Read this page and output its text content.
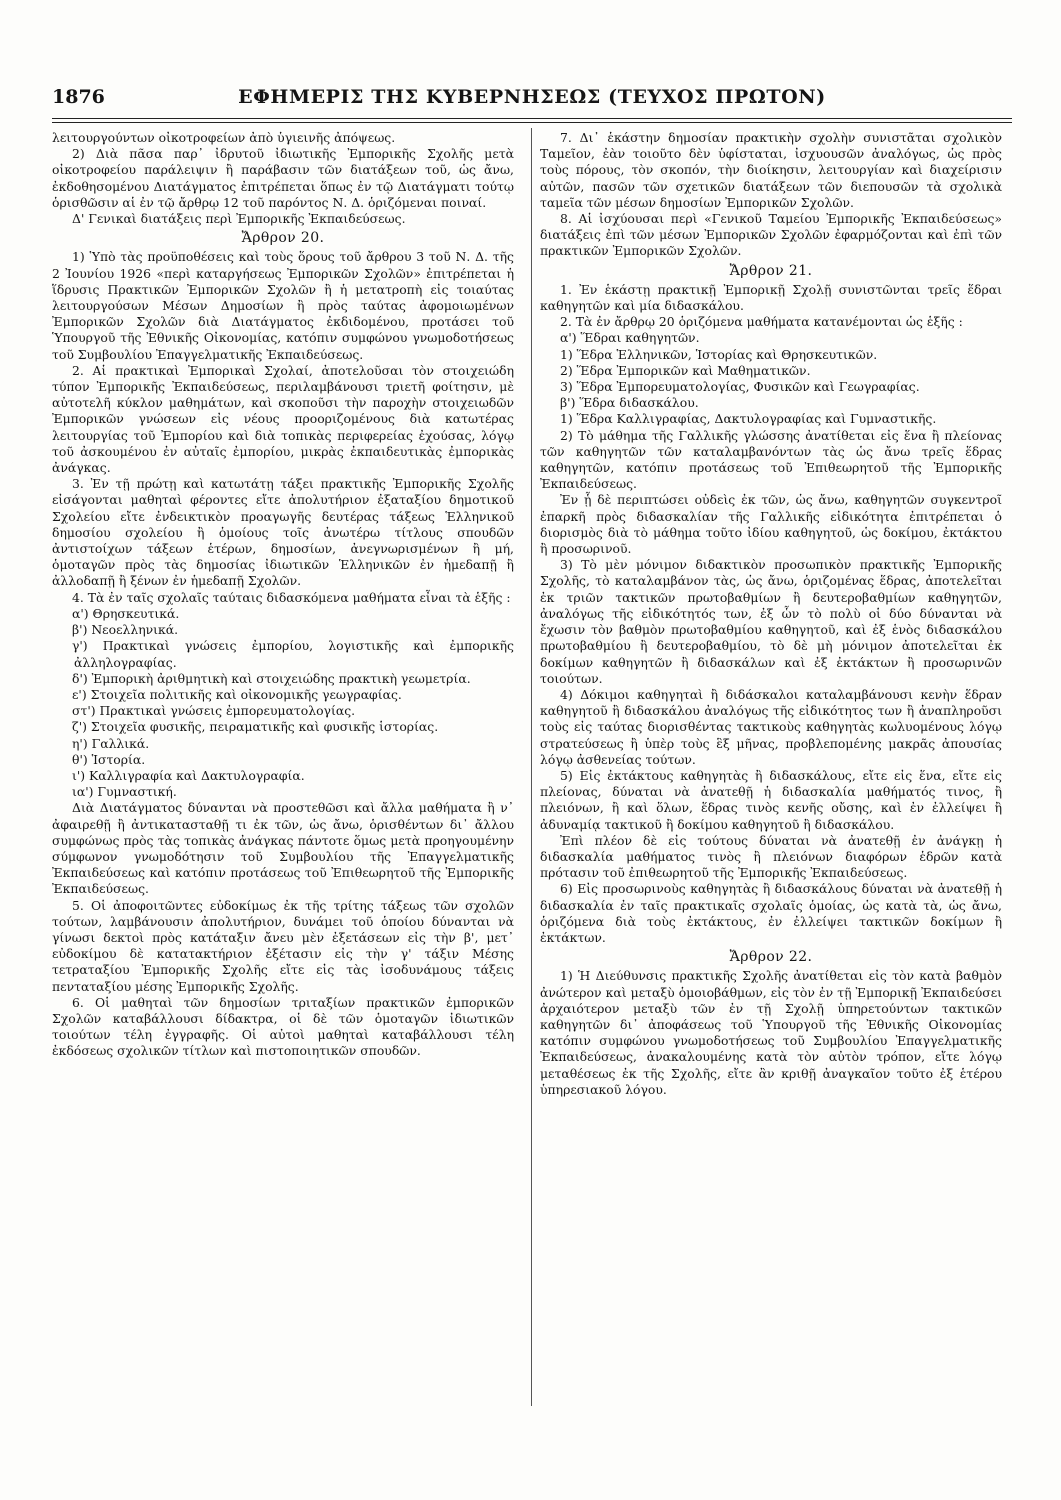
1876	ΕΦΗΜΕΡΙΣ ΤΗΣ ΚΥΒΕΡΝΗΣΕΩΣ (ΤΕΥΧΟΣ ΠΡΩΤΟΝ)

λειτουργούντων οἰκοτροφείων ἀπὸ ὑγιεινῆς ἀπόψεως.

2) Διὰ πᾶσα παρ᾽ ἰδρυτοῦ ἰδιωτικῆς Ἐμπορικῆς Σχολῆς μετὰ οἰκοτροφείου παράλειψιν ἢ παράβασιν τῶν διατάξεων τοῦ, ὡς ἄνω, ἐκδοθησομένου Διατάγματος ἐπιτρέπεται ὅπως ἐν τῷ Διατάγματι τούτῳ ὁρισθῶσιν αἱ ἐν τῷ ἄρθρῳ 12 τοῦ παρόντος Ν. Δ. ὁριζόμεναι ποιναί.

Δ' Γενικαὶ διατάξεις περὶ Ἐμπορικῆς Ἐκπαιδεύσεως.
Ἄρθρον 20.

1) Ὑπὸ τὰς προϋποθέσεις καὶ τοὺς ὅρους τοῦ ἄρθρου 3 τοῦ Ν. Δ. τῆς 2 Ἰουνίου 1926 «περὶ καταργήσεως Ἐμπορικῶν Σχολῶν» ἐπιτρέπεται ἡ ἵδρυσις Πρακτικῶν Ἐμπορικῶν Σχολῶν ἢ ἡ μετατροπὴ εἰς τοιαύτας λειτουργούσων Μέσων Δημοσίων ἢ πρὸς ταύτας ἀφομοιωμένων Ἐμπορικῶν Σχολῶν διὰ Διατάγματος ἐκδιδομένου, προτάσει τοῦ Ὑπουργοῦ τῆς Ἐθνικῆς Οἰκονομίας, κατόπιν συμφώνου γνωμοδοτήσεως τοῦ Συμβουλίου Ἐπαγγελματικῆς Ἐκπαιδεύσεως.

2. Αἱ πρακτικαὶ Ἐμπορικαὶ Σχολαί, ἀποτελοῦσαι τὸν στοιχειώδη τύπον Ἐμπορικῆς Ἐκπαιδεύσεως, περιλαμβάνουσι τριετῆ φοίτησιν, μὲ αὐτοτελῆ κύκλον μαθημάτων, καὶ σκοποῦσι τὴν παροχὴν στοιχειωδῶν Ἐμπορικῶν γνώσεων εἰς νέους προοριζομένους διὰ κατωτέρας λειτουργίας τοῦ Ἐμπορίου καὶ διὰ τοπικὰς περιφερείας ἐχούσας, λόγῳ τοῦ ἀσκουμένου ἐν αὐταῖς ἐμπορίου, μικρὰς ἐκπαιδευτικὰς ἐμπορικὰς ἀνάγκας.

3. Ἐν τῇ πρώτῃ καὶ κατωτάτῃ τάξει πρακτικῆς Ἐμπορικῆς Σχολῆς εἰσάγονται μαθηταὶ φέροντες εἴτε ἀπολυτήριον ἐξαταξίου δημοτικοῦ Σχολείου εἴτε ἐνδεικτικὸν προαγωγῆς δευτέρας τάξεως Ἑλληνικοῦ δημοσίου σχολείου ἢ ὁμοίους τοῖς ἀνωτέρω τίτλους σπουδῶν ἀντιστοίχων τάξεων ἑτέρων, δημοσίων, ἀνεγνωρισμένων ἢ μή, ὁμοταγῶν πρὸς τὰς δημοσίας ἰδιωτικῶν Ἑλληνικῶν ἐν ἡμεδαπῇ ἢ ἀλλοδαπῇ ἢ ξένων ἐν ἡμεδαπῇ Σχολῶν.

4. Τὰ ἐν ταῖς σχολαῖς ταύταις διδασκόμενα μαθήματα εἶναι τὰ ἑξῆς :

α') Θρησκευτικά.

β') Νεοελληνικά.

γ') Πρακτικαὶ γνώσεις ἐμπορίου, λογιστικῆς καὶ ἐμπορικῆς ἀλληλογραφίας.

δ') Ἐμπορικὴ ἀριθμητικὴ καὶ στοιχειώδης πρακτικὴ γεωμετρία.

ε') Στοιχεῖα πολιτικῆς καὶ οἰκονομικῆς γεωγραφίας.

στ') Πρακτικαὶ γνώσεις ἐμπορευματολογίας.

ζ') Στοιχεῖα φυσικῆς, πειραματικῆς καὶ φυσικῆς ἱστορίας.

η') Γαλλικά.

θ') Ἱστορία.

ι') Καλλιγραφία καὶ Δακτυλογραφία.

ια') Γυμναστική.

Διὰ Διατάγματος δύνανται νὰ προστεθῶσι καὶ ἄλλα μαθήματα ἢ ν᾽ ἀφαιρεθῇ ἢ ἀντικατασταθῇ τι ἐκ τῶν, ὡς ἄνω, ὁρισθέντων δι᾽ ἄλλου συμφώνως πρὸς τὰς τοπικὰς ἀνάγκας πάντοτε ὅμως μετὰ προηγουμένην σύμφωνον γνωμοδότησιν τοῦ Συμβουλίου τῆς Ἐπαγγελματικῆς Ἐκπαιδεύσεως καὶ κατόπιν προτάσεως τοῦ Ἐπιθεωρητοῦ τῆς Ἐμπορικῆς Ἐκπαιδεύσεως.

5. Οἱ ἀποφοιτῶντες εὐδοκίμως ἐκ τῆς τρίτης τάξεως τῶν σχολῶν τούτων, λαμβάνουσιν ἀπολυτήριον, δυνάμει τοῦ ὁποίου δύνανται νὰ γίνωσι δεκτοὶ πρὸς κατάταξιν ἄνευ μὲν ἐξετάσεων εἰς τὴν β', μετ᾽ εὐδοκίμου δὲ κατατακτήριον ἐξέτασιν εἰς τὴν γ' τάξιν Μέσης τετραταξίου Ἐμπορικῆς Σχολῆς εἴτε εἰς τὰς ἰσοδυνάμους τάξεις πενταταξίου μέσης Ἐμπορικῆς Σχολῆς.

6. Οἱ μαθηταὶ τῶν δημοσίων τριταξίων πρακτικῶν ἐμπορικῶν Σχολῶν καταβάλλουσι δίδακτρα, οἱ δὲ τῶν ὁμοταγῶν ἰδιωτικῶν τοιούτων τέλη ἐγγραφῆς. Οἱ αὐτοὶ μαθηταὶ καταβάλλουσι τέλη ἐκδόσεως σχολικῶν τίτλων καὶ πιστοποιητικῶν σπουδῶν.

7. Δι᾽ ἑκάστην δημοσίαν πρακτικὴν σχολὴν συνιστᾶται σχολικὸν Ταμεῖον, ἐὰν τοιοῦτο δὲν ὑφίσταται, ἰσχυουσῶν ἀναλόγως, ὡς πρὸς τοὺς πόρους, τὸν σκοπόν, τὴν διοίκησιν, λειτουργίαν καὶ διαχείρισιν αὐτῶν, πασῶν τῶν σχετικῶν διατάξεων τῶν διεπουσῶν τὰ σχολικὰ ταμεῖα τῶν μέσων δημοσίων Ἐμπορικῶν Σχολῶν.

8. Αἱ ἰσχύουσαι περὶ «Γενικοῦ Ταμείου Ἐμπορικῆς Ἐκπαιδεύσεως» διατάξεις ἐπὶ τῶν μέσων Ἐμπορικῶν Σχολῶν ἐφαρμόζονται καὶ ἐπὶ τῶν πρακτικῶν Ἐμπορικῶν Σχολῶν.

Ἄρθρον 21.

1. Ἐν ἑκάστῃ πρακτικῇ Ἐμπορικῇ Σχολῇ συνιστῶνται τρεῖς ἕδραι καθηγητῶν καὶ μία διδασκάλου.

2. Τὰ ἐν ἄρθρῳ 20 ὁριζόμενα μαθήματα κατανέμονται ὡς ἑξῆς :

α') Ἕδραι καθηγητῶν.

1) Ἕδρα Ἑλληνικῶν, Ἱστορίας καὶ Θρησκευτικῶν.

2) Ἕδρα Ἐμπορικῶν καὶ Μαθηματικῶν.

3) Ἕδρα Ἐμπορευματολογίας, Φυσικῶν καὶ Γεωγραφίας.

β') Ἕδρα διδασκάλου.

1) Ἕδρα Καλλιγραφίας, Δακτυλογραφίας καὶ Γυμναστικῆς.

2) Τὸ μάθημα τῆς Γαλλικῆς γλώσσης ἀνατίθεται εἰς ἕνα ἢ πλείονας τῶν καθηγητῶν τῶν καταλαμβανόντων τὰς ὡς ἄνω τρεῖς ἕδρας καθηγητῶν, κατόπιν προτάσεως τοῦ Ἐπιθεωρητοῦ τῆς Ἐμπορικῆς Ἐκπαιδεύσεως.

Ἐν ᾗ δὲ περιπτώσει οὐδεὶς ἐκ τῶν, ὡς ἄνω, καθηγητῶν συγκεντροῖ ἐπαρκῆ πρὸς διδασκαλίαν τῆς Γαλλικῆς εἰδικότητα ἐπιτρέπεται ὁ διορισμὸς διὰ τὸ μάθημα τοῦτο ἰδίου καθηγητοῦ, ὡς δοκίμου, ἐκτάκτου ἢ προσωρινοῦ.

3) Τὸ μὲν μόνιμον διδακτικὸν προσωπικὸν πρακτικῆς Ἐμπορικῆς Σχολῆς, τὸ καταλαμβάνον τὰς, ὡς ἄνω, ὁριζομένας ἕδρας, ἀποτελεῖται ἐκ τριῶν τακτικῶν πρωτοβαθμίων ἢ δευτεροβαθμίων καθηγητῶν, ἀναλόγως τῆς εἰδικότητός των, ἐξ ὧν τὸ πολὺ οἱ δύο δύνανται νὰ ἔχωσιν τὸν βαθμὸν πρωτοβαθμίου καθηγητοῦ, καὶ ἐξ ἑνὸς διδασκάλου πρωτοβαθμίου ἢ δευτεροβαθμίου, τὸ δὲ μὴ μόνιμον ἀποτελεῖται ἐκ δοκίμων καθηγητῶν ἢ διδασκάλων καὶ ἐξ ἐκτάκτων ἢ προσωρινῶν τοιούτων.

4) Δόκιμοι καθηγηταὶ ἢ διδάσκαλοι καταλαμβάνουσι κενὴν ἕδραν καθηγητοῦ ἢ διδασκάλου ἀναλόγως τῆς εἰδικότητος των ἢ ἀναπληροῦσι τοὺς εἰς ταύτας διορισθέντας τακτικοὺς καθηγητὰς κωλυομένους λόγῳ στρατεύσεως ἢ ὑπὲρ τοὺς ἓξ μῆνας, προβλεπομένης μακρᾶς ἀπουσίας λόγῳ ἀσθενείας τούτων.

5) Εἰς ἐκτάκτους καθηγητὰς ἢ διδασκάλους, εἴτε εἰς ἕνα, εἴτε εἰς πλείονας, δύναται νὰ ἀνατεθῇ ἡ διδασκαλία μαθήματός τινος, ἢ πλειόνων, ἢ καὶ ὅλων, ἕδρας τινὸς κενῆς οὔσης, καὶ ἐν ἐλλείψει ἢ ἀδυναμίᾳ τακτικοῦ ἢ δοκίμου καθηγητοῦ ἢ διδασκάλου.

Ἐπὶ πλέον δὲ εἰς τούτους δύναται νὰ ἀνατεθῇ ἐν ἀνάγκῃ ἡ διδασκαλία μαθήματος τινὸς ἢ πλειόνων διαφόρων ἑδρῶν κατὰ πρότασιν τοῦ ἐπιθεωρητοῦ τῆς Ἐμπορικῆς Ἐκπαιδεύσεως.

6) Εἰς προσωρινοὺς καθηγητὰς ἢ διδασκάλους δύναται νὰ ἀνατεθῇ ἡ διδασκαλία ἐν ταῖς πρακτικαῖς σχολαῖς ὁμοίας, ὡς κατὰ τὰ, ὡς ἄνω, ὁριζόμενα διὰ τοὺς ἐκτάκτους, ἐν ἐλλείψει τακτικῶν δοκίμων ἢ ἐκτάκτων.

Ἄρθρον 22.

1) Ἡ Διεύθυνσις πρακτικῆς Σχολῆς ἀνατίθεται εἰς τὸν κατὰ βαθμὸν ἀνώτερον καὶ μεταξὺ ὁμοιοβάθμων, εἰς τὸν ἐν τῇ Ἐμπορικῇ Ἐκπαιδεύσει ἀρχαιότερον μεταξὺ τῶν ἐν τῇ Σχολῇ ὑπηρετούντων τακτικῶν καθηγητῶν δι᾽ ἀποφάσεως τοῦ Ὑπουργοῦ τῆς Ἐθνικῆς Οἰκονομίας κατόπιν συμφώνου γνωμοδοτήσεως τοῦ Συμβουλίου Ἐπαγγελματικῆς Ἐκπαιδεύσεως, ἀνακαλουμένης κατὰ τὸν αὐτὸν τρόπον, εἴτε λόγῳ μεταθέσεως ἐκ τῆς Σχολῆς, εἴτε ἂν κριθῇ ἀναγκαῖον τοῦτο ἐξ ἑτέρου ὑπηρεσιακοῦ λόγου.
